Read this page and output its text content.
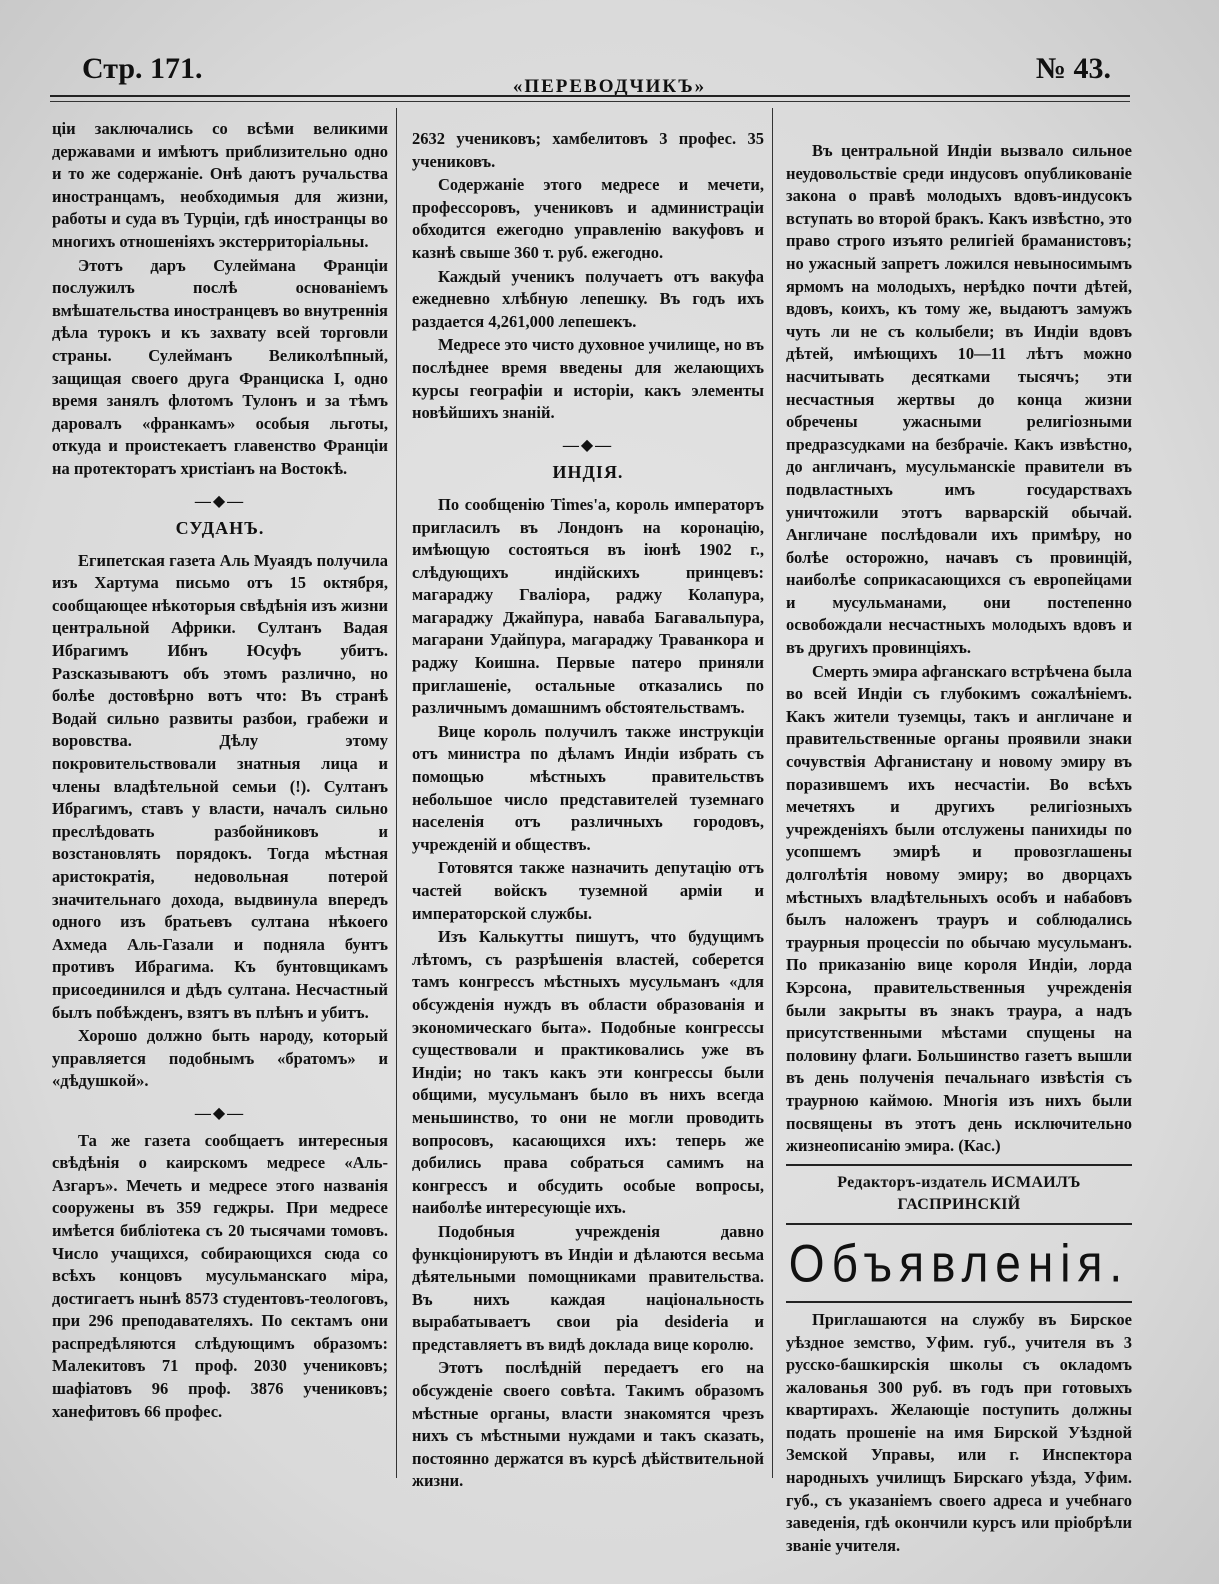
Стр. 171.
«ПЕРЕВОДЧИКЪ»
№ 43.

ціи заключались со всѣми великими державами и имѣютъ приблизительно одно и то же содержаніе. Онѣ даютъ ручальства иностранцамъ, необходимыя для жизни, работы и суда въ Турціи, гдѣ иностранцы во многихъ отношеніяхъ экстерриторіальны.

Этотъ даръ Сулеймана Франціи послужилъ послѣ основаніемъ вмѣшательства иностранцевъ во внутреннія дѣла турокъ и къ захвату всей торговли страны. Сулейманъ Великолѣпный, защищая своего друга Франциска I, одно время занялъ флотомъ Тулонъ и за тѣмъ даровалъ «франкамъ» особыя льготы, откуда и проистекаетъ главенство Франціи на протекторатъ христіанъ на Востокѣ.

—◆—
СУДАНЪ.

Египетская газета Аль Муаядъ получила изъ Хартума письмо отъ 15 октября, сообщающее нѣкоторыя свѣдѣнія изъ жизни центральной Африки. Султанъ Вадая Ибрагимъ Ибнъ Юсуфъ убитъ. Разсказываютъ объ этомъ различно, но болѣе достовѣрно вотъ что: Въ странѣ Водай сильно развиты разбои, грабежи и воровства. Дѣлу этому покровительствовали знатныя лица и члены владѣтельной семьи (!). Султанъ Ибрагимъ, ставъ у власти, началъ сильно преслѣдовать разбойниковъ и возстановлять порядокъ. Тогда мѣстная аристократія, недовольная потерой значительнаго дохода, выдвинула впередъ одного изъ братьевъ султана нѣкоего Ахмеда Аль-Газали и подняла бунтъ противъ Ибрагима. Къ бунтовщикамъ присоединился и дѣдъ султана. Несчастный былъ побѣжденъ, взятъ въ плѣнъ и убитъ.

Хорошо должно быть народу, который управляется подобнымъ «братомъ» и «дѣдушкой».

—◆—

Та же газета сообщаетъ интересныя свѣдѣнія о каирскомъ медресе «Аль-Азгаръ». Мечеть и медресе этого названія сооружены въ 359 геджры. При медресе имѣется библіотека съ 20 тысячами томовъ. Число учащихся, собирающихся сюда со всѣхъ концовъ мусульманскаго міра, достигаетъ нынѣ 8573 студентовъ-теологовъ, при 296 преподавателяхъ. По сектамъ они распредѣляются слѣдующимъ образомъ: Малекитовъ 71 проф. 2030 учениковъ; шафіатовъ 96 проф. 3876 учениковъ; ханефитовъ 66 профес.

2632 учениковъ; хамбелитовъ 3 профес. 35 учениковъ.

Содержаніе этого медресе и мечети, профессоровъ, учениковъ и администраціи обходится ежегодно управленію вакуфовъ и казнѣ свыше 360 т. руб. ежегодно.

Каждый ученикъ получаетъ отъ вакуфа ежедневно хлѣбную лепешку. Въ годъ ихъ раздается 4,261,000 лепешекъ.

Медресе это чисто духовное училище, но въ послѣднее время введены для желающихъ курсы географіи и исторіи, какъ элементы новѣйшихъ знаній.

—◆—
ИНДІЯ.

По сообщенію Times'a, король императоръ пригласилъ въ Лондонъ на коронацію, имѣющую состояться въ іюнѣ 1902 г., слѣдующихъ индійскихъ принцевъ: магараджу Гваліора, раджу Колапура, магараджу Джайпура, наваба Багавальпура, магарани Удайпура, магараджу Траванкора и раджу Коишна. Первые патеро приняли приглашеніе, остальные отказались по различнымъ домашнимъ обстоятельствамъ.

Вице король получилъ также инструкціи отъ министра по дѣламъ Индіи избрать съ помощью мѣстныхъ правительствъ небольшое число представителей туземнаго населенія отъ различныхъ городовъ, учрежденій и обществъ.

Готовятся также назначить депутацію отъ частей войскъ туземной арміи и императорской службы.

Изъ Калькутты пишутъ, что будущимъ лѣтомъ, съ разрѣшенія властей, соберется тамъ конгрессъ мѣстныхъ мусульманъ «для обсужденія нуждъ въ области образованія и экономическаго быта». Подобные конгрессы существовали и практиковались уже въ Индіи; но такъ какъ эти конгрессы были общими, мусульманъ было въ нихъ всегда меньшинство, то они не могли проводить вопросовъ, касающихся ихъ: теперь же добились права собраться самимъ на конгрессъ и обсудить особые вопросы, наиболѣе интересующіе ихъ.

Подобныя учрежденія давно функціонируютъ въ Индіи и дѣлаются весьма дѣятельными помощниками правительства. Въ нихъ каждая національность вырабатываетъ свои pia desideria и представляетъ въ видѣ доклада вице королю.

Этотъ послѣдній передаетъ его на обсужденіе своего совѣта. Такимъ образомъ мѣстные органы, власти знакомятся чрезъ нихъ съ мѣстными нуждами и такъ сказать, постоянно держатся въ курсѣ дѣйствительной жизни.

Въ центральной Индіи вызвало сильное неудовольствіе среди индусовъ опубликованіе закона о правѣ молодыхъ вдовъ-индусокъ вступать во второй бракъ. Какъ извѣстно, это право строго изъято религіей браманистовъ; но ужасный запретъ ложился невыносимымъ ярмомъ на молодыхъ, нерѣдко почти дѣтей, вдовъ, коихъ, къ тому же, выдаютъ замужъ чуть ли не съ колыбели; въ Индіи вдовъ дѣтей, имѣющихъ 10—11 лѣтъ можно насчитывать десятками тысячъ; эти несчастныя жертвы до конца жизни обречены ужасными религіозными предразсудками на безбрачіе. Какъ извѣстно, до англичанъ, мусульманскіе правители въ подвластныхъ имъ государствахъ уничтожили этотъ варварскій обычай. Англичане послѣдовали ихъ примѣру, но болѣе осторожно, начавъ съ провинцій, наиболѣе соприкасающихся съ европейцами и мусульманами, они постепенно освобождали несчастныхъ молодыхъ вдовъ и въ другихъ провинціяхъ.

Смерть эмира афганскаго встрѣчена была во всей Индіи съ глубокимъ сожалѣніемъ. Какъ жители туземцы, такъ и англичане и правительственные органы проявили знаки сочувствія Афганистану и новому эмиру въ поразившемъ ихъ несчастіи. Во всѣхъ мечетяхъ и другихъ религіозныхъ учрежденіяхъ были отслужены панихиды по усопшемъ эмирѣ и провозглашены долголѣтія новому эмиру; во дворцахъ мѣстныхъ владѣтельныхъ особъ и набабовъ былъ наложенъ трауръ и соблюдались траурныя процессіи по обычаю мусульманъ. По приказанію вице короля Индіи, лорда Кэрсона, правительственныя учрежденія были закрыты въ знакъ траура, а надъ присутственными мѣстами спущены на половину флаги. Большинство газетъ вышли въ день полученія печальнаго извѣстія съ траурною каймою. Многія изъ нихъ были посвящены въ этотъ день исключительно жизнеописанію эмира. (Кас.)

Редакторъ-издатель ИСМАИЛЪ ГАСПРИНСКІЙ
Объявленія.

Приглашаются на службу въ Бирское уѣздное земство, Уфим. губ., учителя въ 3 русско-башкирскія школы съ окладомъ жалованья 300 руб. въ годъ при готовыхъ квартирахъ. Желающіе поступить должны подать прошеніе на имя Бирской Уѣздной Земской Управы, или г. Инспектора народныхъ училищъ Бирскаго уѣзда, Уфим. губ., съ указаніемъ своего адреса и учебнаго заведенія, гдѣ окончили курсъ или пріобрѣли званіе учителя.
